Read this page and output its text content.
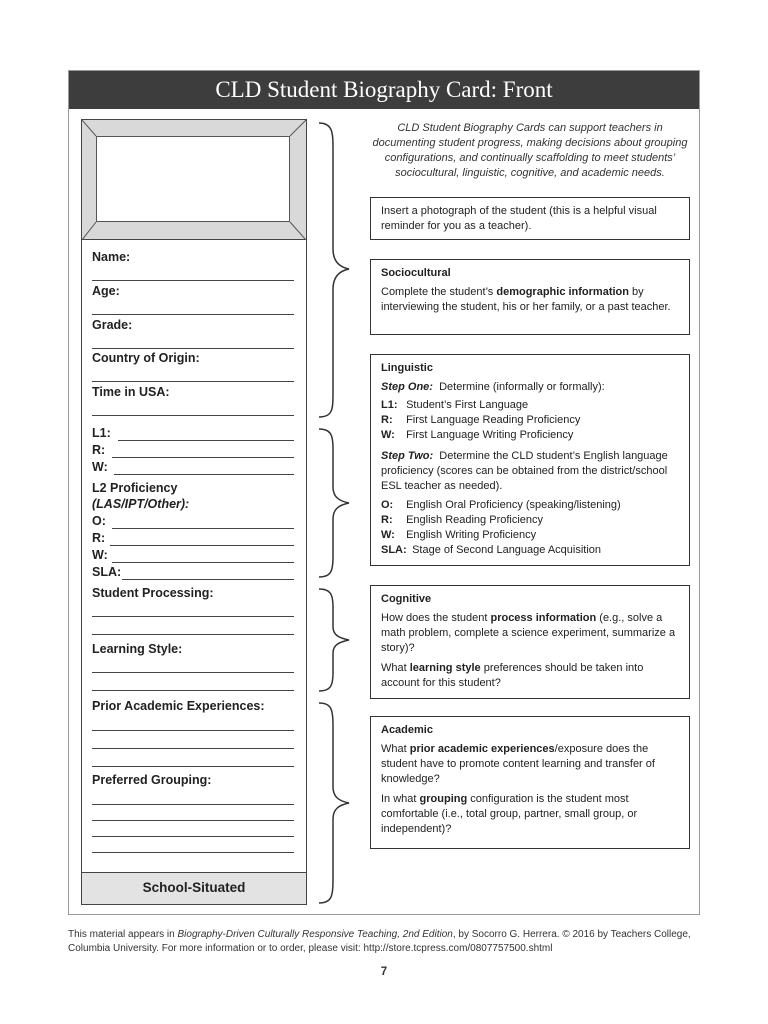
CLD Student Biography Card: Front
Name:
Age:
Grade:
Country of Origin:
Time in USA:
L1:
R:
W:
L2 Proficiency
(LAS/IPT/Other):
O:
R:
W:
SLA:
Student Processing:
Learning Style:
Prior Academic Experiences:
Preferred Grouping:
School-Situated
CLD Student Biography Cards can support teachers in documenting student progress, making decisions about grouping configurations, and continually scaffolding to meet students’ sociocultural, linguistic, cognitive, and academic needs.
Insert a photograph of the student (this is a helpful visual reminder for you as a teacher).
Sociocultural

Complete the student’s demographic information by interviewing the student, his or her family, or a past teacher.

Linguistic

Step One: Determine (informally or formally):

L1: Student’s First Language
R: First Language Reading Proficiency
W: First Language Writing Proficiency

Step Two: Determine the CLD student’s English language proficiency (scores can be obtained from the district/school ESL teacher as needed).

O: English Oral Proficiency (speaking/listening)
R: English Reading Proficiency
W: English Writing Proficiency
SLA: Stage of Second Language Acquisition
Cognitive

How does the student process information (e.g., solve a math problem, complete a science experiment, summarize a story)?

What learning style preferences should be taken into account for this student?

Academic

What prior academic experiences/exposure does the student have to promote content learning and transfer of knowledge?

In what grouping configuration is the student most comfortable (i.e., total group, partner, small group, or independent)?

This material appears in Biography-Driven Culturally Responsive Teaching, 2nd Edition, by Socorro G. Herrera. © 2016 by Teachers College, Columbia University. For more information or to order, please visit: http://store.tcpress.com/0807757500.shtml
7
